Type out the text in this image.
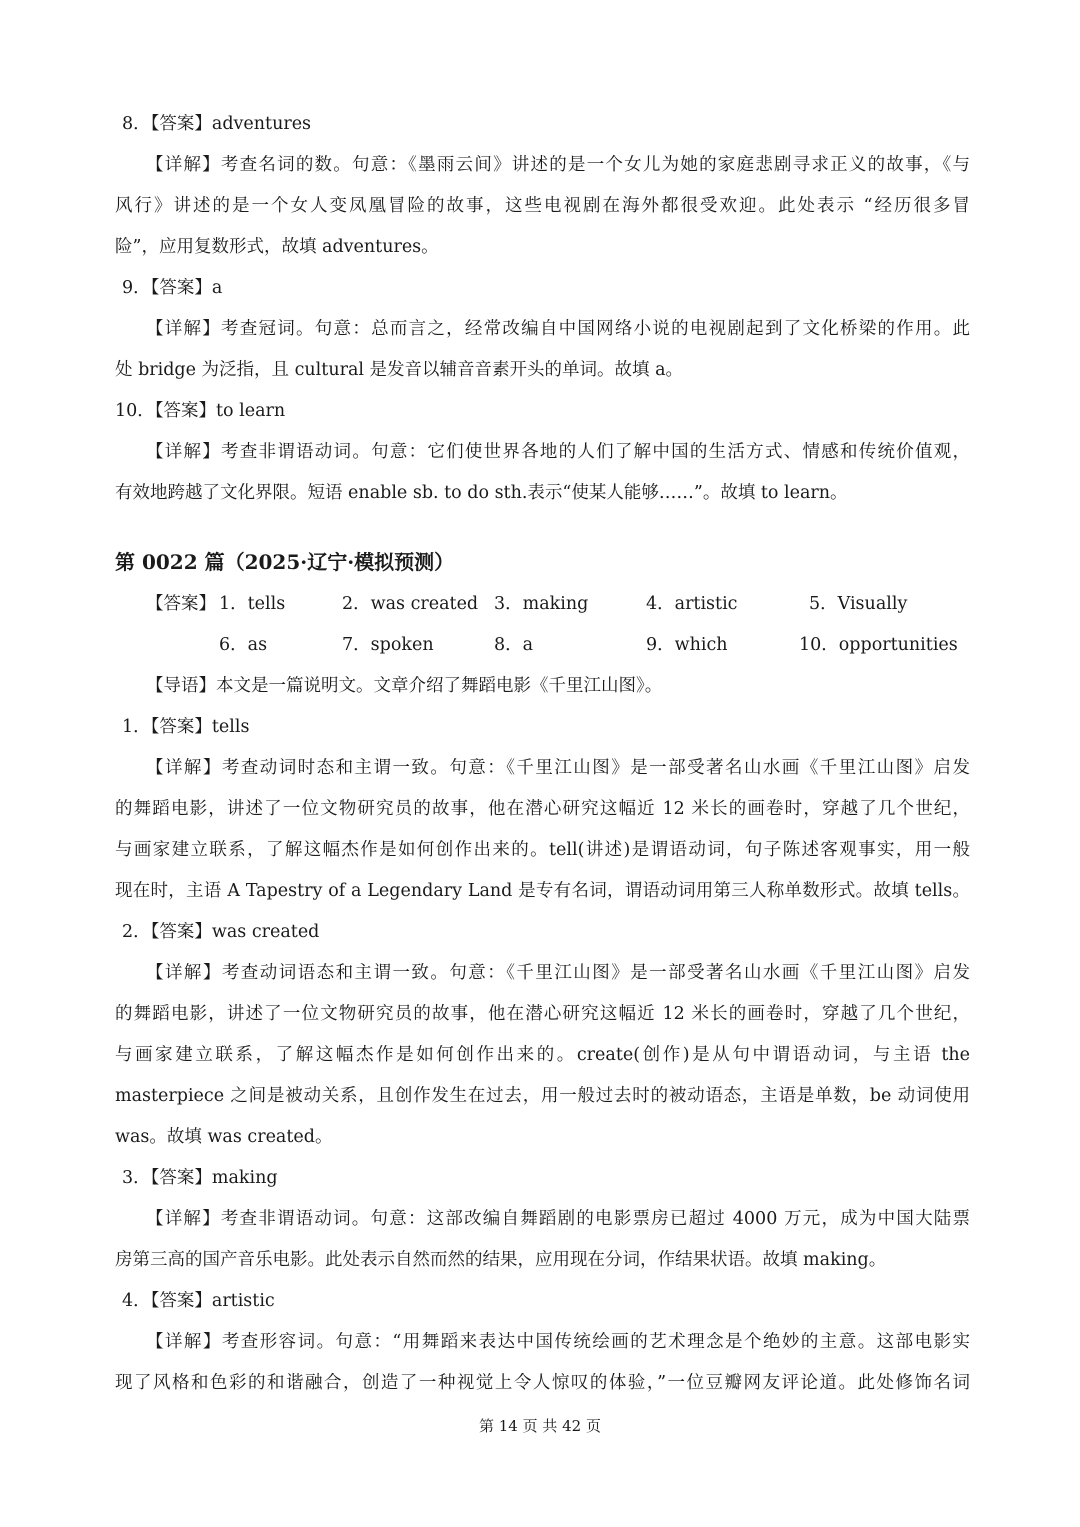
8．【答案】adventures
【详解】考查名词的数。句意：《墨雨云间》讲述的是一个女儿为她的家庭悲剧寻求正义的故事，《与
风行》讲述的是一个女人变凤凰冒险的故事，这些电视剧在海外都很受欢迎。此处表示 “经历很多冒
险”，应用复数形式，故填 adventures。
9．【答案】a
【详解】考查冠词。句意：总而言之，经常改编自中国网络小说的电视剧起到了文化桥梁的作用。此
处 bridge 为泛指，且 cultural 是发音以辅音音素开头的单词。故填 a。
10．【答案】to learn
【详解】考查非谓语动词。句意：它们使世界各地的人们了解中国的生活方式、情感和传统价值观，
有效地跨越了文化界限。短语 enable sb. to do sth.表示“使某人能够……”。故填 to learn。
第 0022 篇（2025·辽宁·模拟预测）
【答案】 1．tells	2．was created 3．making	4．artistic	5．Visually
6．as	7．spoken	8．a	9．which	10．opportunities
【导语】本文是一篇说明文。文章介绍了舞蹈电影《千里江山图》。
1．【答案】tells
【详解】考查动词时态和主谓一致。句意：《千里江山图》是一部受著名山水画《千里江山图》启发
的舞蹈电影，讲述了一位文物研究员的故事，他在潜心研究这幅近 12 米长的画卷时，穿越了几个世纪，
与画家建立联系，了解这幅杰作是如何创作出来的。tell(讲述)是谓语动词，句子陈述客观事实，用一般
现在时，主语 A Tapestry of a Legendary Land 是专有名词，谓语动词用第三人称单数形式。故填 tells。
2．【答案】was created
【详解】考查动词语态和主谓一致。句意：《千里江山图》是一部受著名山水画《千里江山图》启发
的舞蹈电影，讲述了一位文物研究员的故事，他在潜心研究这幅近 12 米长的画卷时，穿越了几个世纪，
与画家建立联系，了解这幅杰作是如何创作出来的。create(创作)是从句中谓语动词，与主语 the
masterpiece 之间是被动关系，且创作发生在过去，用一般过去时的被动语态，主语是单数，be 动词使用
was。故填 was created。
3．【答案】making
【详解】考查非谓语动词。句意：这部改编自舞蹈剧的电影票房已超过 4000 万元，成为中国大陆票
房第三高的国产音乐电影。此处表示自然而然的结果，应用现在分词，作结果状语。故填 making。
4．【答案】artistic
【详解】考查形容词。句意：“用舞蹈来表达中国传统绘画的艺术理念是个绝妙的主意。这部电影实
现了风格和色彩的和谐融合，创造了一种视觉上令人惊叹的体验，”一位豆瓣网友评论道。此处修饰名词
第 14 页 共 42 页
